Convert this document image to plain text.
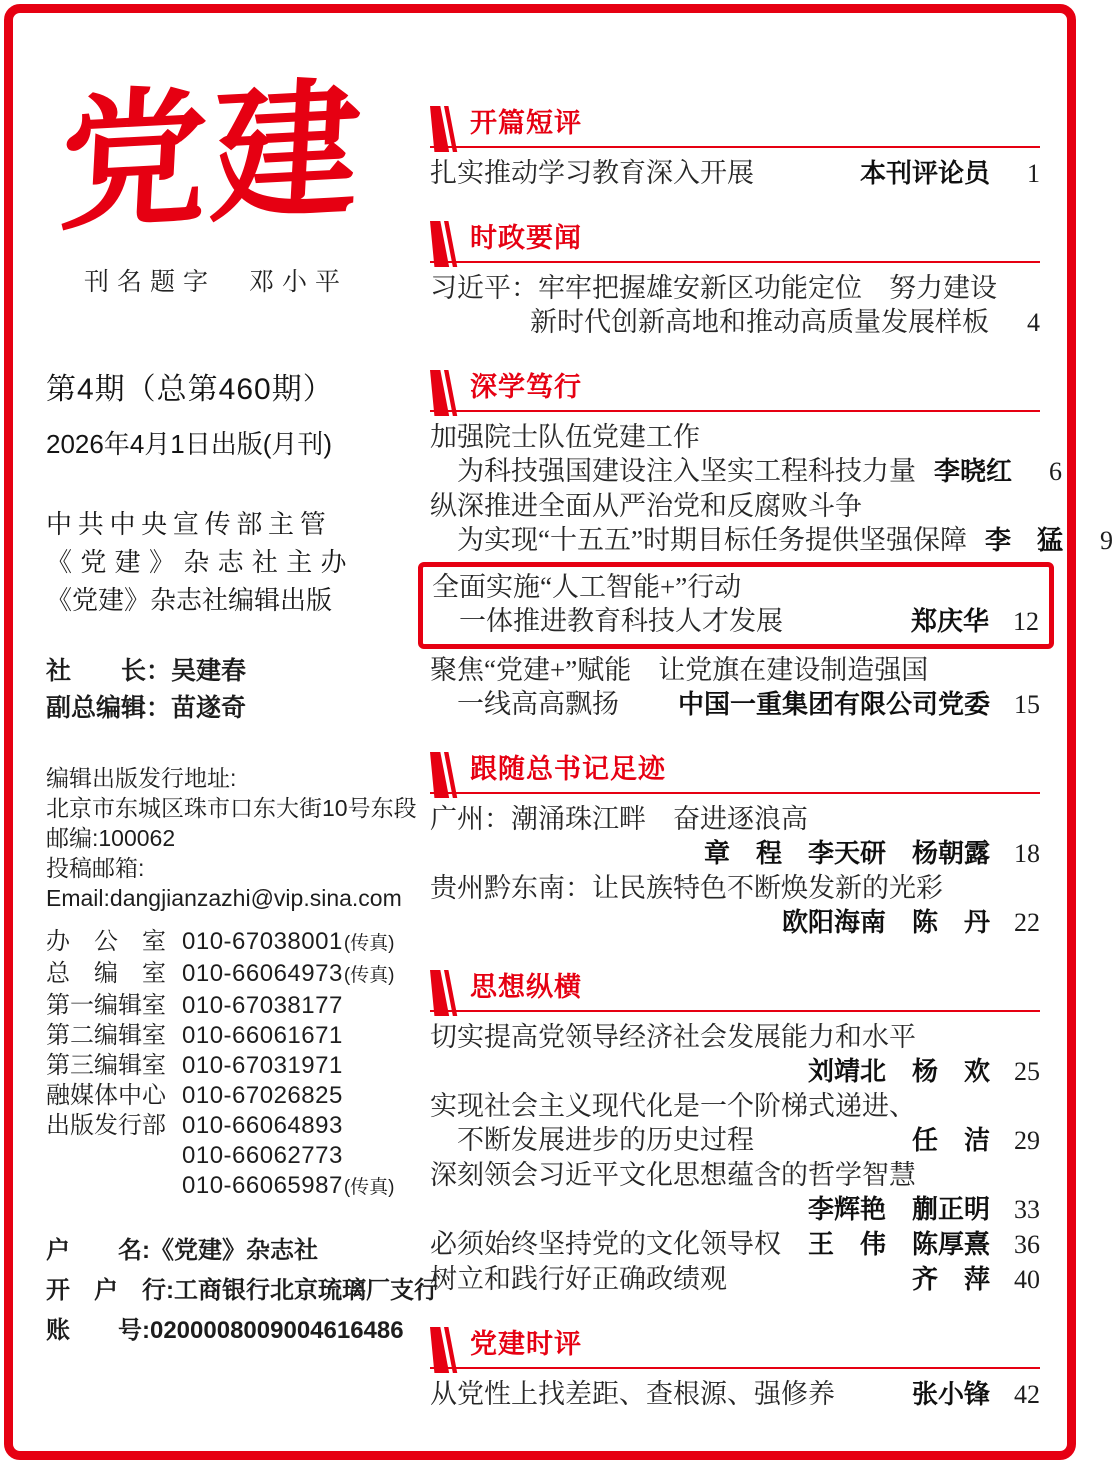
党建
刊名题字　邓小平
第4期（总第460期）
2026年4月1日出版(月刊)
中共中央宣传部主管
《党建》杂志社主办
《党建》杂志社编辑出版
社　　长：吴建春
副总编辑：苗遂奇
编辑出版发行地址:
北京市东城区珠市口东大街10号东段
邮编:100062
投稿邮箱:
Email:dangjianzazhi@vip.sina.com
办　公　室 010-67038001 (传真)
总　编　室 010-66064973 (传真)
第一编辑室 010-67038177
第二编辑室 010-66061671
第三编辑室 010-67031971
融媒体中心 010-67026825
出版发行部 010-66064893
010-66062773
010-66065987 (传真)
户　　名:《党建》杂志社
开　户　行:工商银行北京琉璃厂支行
账　　号:0200008009004616486
开篇短评
扎实推动学习教育深入开展	本刊评论员	1
时政要闻
习近平：牢牢把握雄安新区功能定位　努力建设
新时代创新高地和推动高质量发展样板	4
深学笃行
加强院士队伍党建工作
为科技强国建设注入坚实工程科技力量 李晓红	6
纵深推进全面从严治党和反腐败斗争
为实现“十五五”时期目标任务提供坚强保障 李　猛	9
全面实施“人工智能+”行动
一体推进教育科技人才发展	郑庆华 12
聚焦“党建+”赋能　让党旗在建设制造强国
一线高高飘扬	中国一重集团有限公司党委 15
跟随总书记足迹
广州：潮涌珠江畔　奋进逐浪高
章　程　李天研　杨朝露 18
贵州黔东南：让民族特色不断焕发新的光彩
欧阳海南　陈　丹 22
思想纵横
切实提高党领导经济社会发展能力和水平
刘靖北　杨　欢 25
实现社会主义现代化是一个阶梯式递进、
不断发展进步的历史过程	任　洁 29
深刻领会习近平文化思想蕴含的哲学智慧
李辉艳　蒯正明 33
必须始终坚持党的文化领导权	王　伟　陈厚熹 36
树立和践行好正确政绩观	齐　萍 40
党建时评
从党性上找差距、查根源、强修养	张小锋 42
